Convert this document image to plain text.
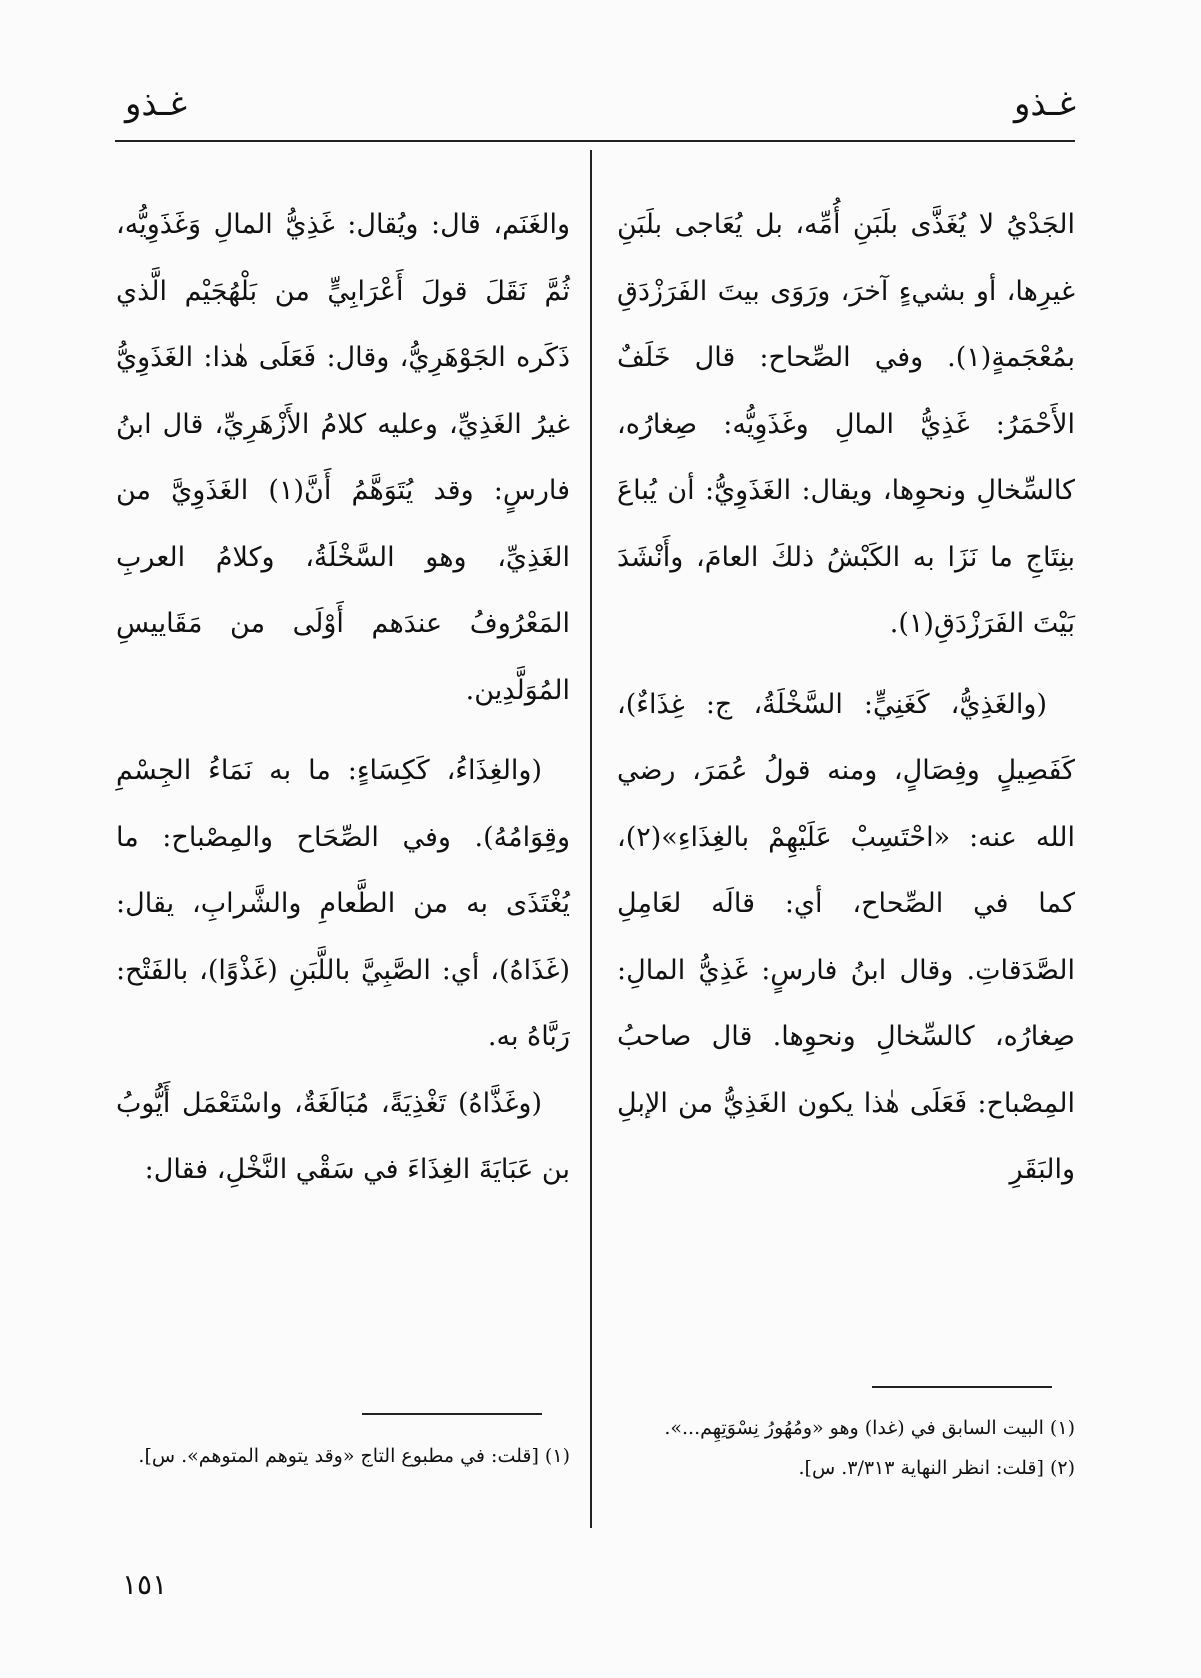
غـذو
غـذو

الجَدْيُ لا يُغَذَّى بلَبَنِ أُمِّه، بل يُعَاجى بلَبَنِ غيرِها، أو بشيءٍ آخرَ، ورَوَى بيتَ الفَرَزْدَقِ بمُعْجَمةٍ(١). وفي الصِّحاح: قال خَلَفٌ الأَحْمَرُ: غَذِيُّ المالِ وغَذَوِيُّه: صِغارُه، كالسِّخالِ ونحوِها، ويقال: الغَذَوِيُّ: أن يُباعَ بنِتَاجِ ما نَزَا به الكَبْشُ ذلكَ العامَ، وأَنْشَدَ بَيْتَ الفَرَزْدَقِ(١).

(والغَذِيُّ، كَغَنِيٍّ: السَّخْلَةُ، ج: غِذَاءٌ)، كَفَصِيلٍ وفِصَالٍ، ومنه قولُ عُمَرَ، رضي الله عنه: «احْتَسِبْ عَلَيْهِمْ بالغِذَاءِ»(٢)، كما في الصِّحاح، أي: قالَه لعَامِلِ الصَّدَقاتِ. وقال ابنُ فارسٍ: غَذِيُّ المالِ: صِغارُه، كالسِّخالِ ونحوِها. قال صاحبُ المِصْباح: فَعَلَى هٰذا يكون الغَذِيُّ من الإبلِ والبَقَرِ

والغَنَم، قال: ويُقال: غَذِيُّ المالِ وَغَذَوِيُّه، ثُمَّ نَقَلَ قولَ أَعْرَابِيٍّ من بَلْهُجَيْم الَّذي ذَكَره الجَوْهَرِيُّ، وقال: فَعَلَى هٰذا: الغَذَوِيُّ غيرُ الغَذِيِّ، وعليه كلامُ الأَزْهَرِيِّ، قال ابنُ فارسٍ: وقد يُتَوَهَّمُ أَنَّ(١) الغَذَوِيَّ من الغَذِيِّ، وهو السَّخْلَةُ، وكلامُ العربِ المَعْرُوفُ عندَهم أَوْلَى من مَقَاييسِ المُوَلَّدِين.

(والغِذَاءُ، كَكِسَاءٍ: ما به نَمَاءُ الجِسْمِ وقِوَامُهُ). وفي الصِّحَاح والمِصْباح: ما يُغْتَذَى به من الطَّعامِ والشَّرابِ، يقال: (غَذَاهُ)، أي: الصَّبِيَّ باللَّبَنِ (غَذْوًا)، بالفَتْح: رَبَّاهُ به.

(وغَذَّاهُ) تَغْذِيَةً، مُبَالَغَةٌ، واسْتَعْمَل أَيُّوبُ بن عَبَايَةَ الغِذَاءَ في سَقْي النَّخْلِ، فقال:

(١) البيت السابق في (غدا) وهو «ومُهُورُ نِسْوَتِهِم...».

(٢) [قلت: انظر النهاية ٣/٣١٣. س].

(١) [قلت: في مطبوع التاج «وقد يتوهم المتوهم». س].

١٥١
